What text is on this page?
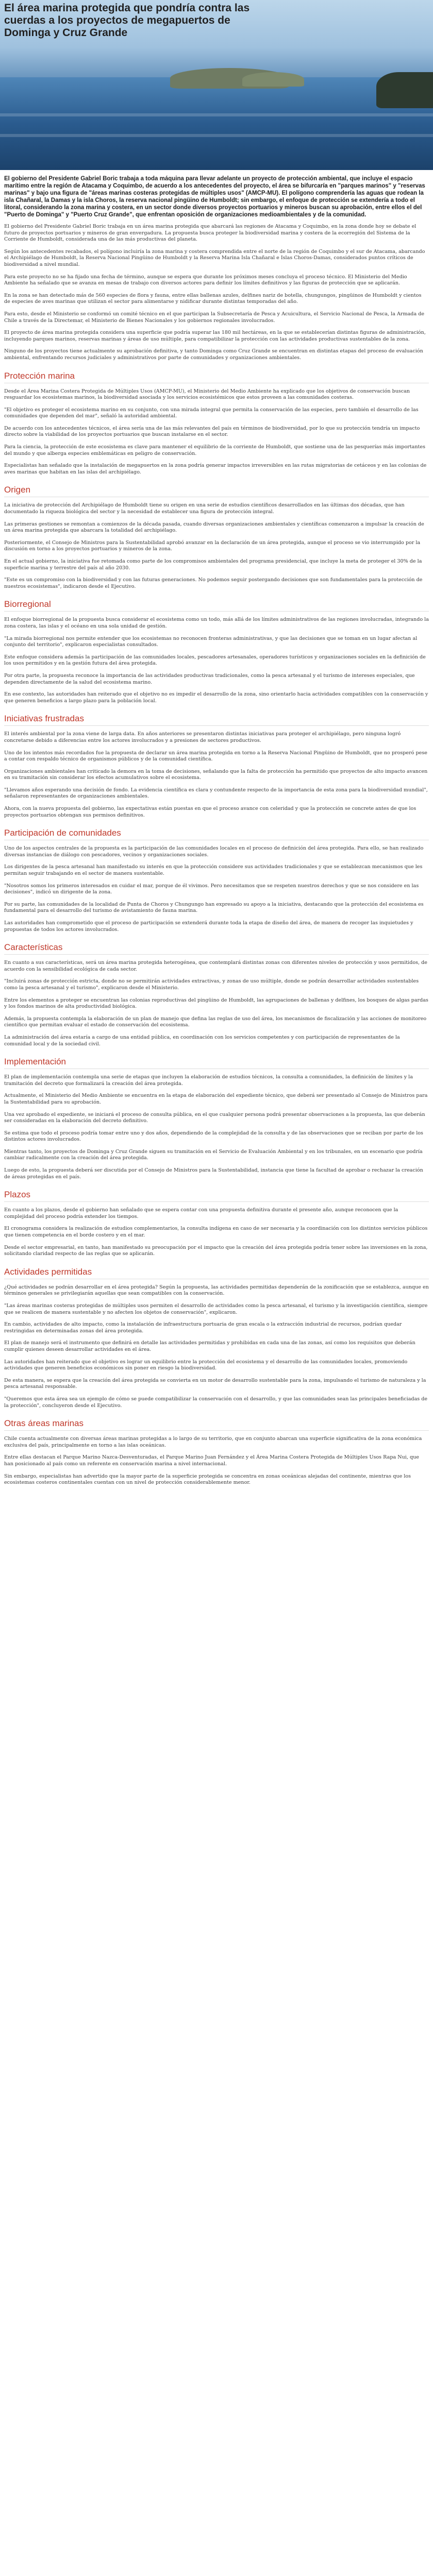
El área marina protegida que pondría contra las cuerdas a los proyectos de megapuertos de Dominga y Cruz Grande

El gobierno del Presidente Gabriel Boric trabaja a toda máquina para llevar adelante un proyecto de protección ambiental, que incluye el espacio marítimo entre la región de Atacama y Coquimbo, de acuerdo a los antecedentes del proyecto, el área se bifurcaría en "parques marinos" y "reservas marinas" y bajo una figura de "áreas marinas costeras protegidas de múltiples usos" (AMCP-MU). El polígono comprendería las aguas que rodean la isla Chañaral, la Damas y la isla Choros, la reserva nacional pingüino de Humboldt; sin embargo, el enfoque de protección se extendería a todo el litoral, considerando la zona marina y costera, en un sector donde diversos proyectos portuarios y mineros buscan su aprobación, entre ellos el del "Puerto de Dominga" y "Puerto Cruz Grande", que enfrentan oposición de organizaciones medioambientales y de la comunidad.

El gobierno del Presidente Gabriel Boric trabaja en un área marina protegida que abarcará las regiones de Atacama y Coquimbo, en la zona donde hoy se debate el futuro de proyectos portuarios y mineros de gran envergadura. La propuesta busca proteger la biodiversidad marina y costera de la ecorregión del Sistema de la Corriente de Humboldt, considerada una de las más productivas del planeta.

Según los antecedentes recabados, el polígono incluiría la zona marina y costera comprendida entre el norte de la región de Coquimbo y el sur de Atacama, abarcando el Archipiélago de Humboldt, la Reserva Nacional Pingüino de Humboldt y la Reserva Marina Isla Chañaral e Islas Choros-Damas, considerados puntos críticos de biodiversidad a nivel mundial.

Para este proyecto no se ha fijado una fecha de término, aunque se espera que durante los próximos meses concluya el proceso técnico. El Ministerio del Medio Ambiente ha señalado que se avanza en mesas de trabajo con diversos actores para definir los límites definitivos y las figuras de protección que se aplicarán.

En la zona se han detectado más de 560 especies de flora y fauna, entre ellas ballenas azules, delfines nariz de botella, chungungos, pingüinos de Humboldt y cientos de especies de aves marinas que utilizan el sector para alimentarse y nidificar durante distintas temporadas del año.

Para esto, desde el Ministerio se conformó un comité técnico en el que participan la Subsecretaría de Pesca y Acuicultura, el Servicio Nacional de Pesca, la Armada de Chile a través de la Directemar, el Ministerio de Bienes Nacionales y los gobiernos regionales involucrados.

El proyecto de área marina protegida considera una superficie que podría superar las 180 mil hectáreas, en la que se establecerían distintas figuras de administración, incluyendo parques marinos, reservas marinas y áreas de uso múltiple, para compatibilizar la protección con las actividades productivas sustentables de la zona.

Ninguno de los proyectos tiene actualmente su aprobación definitiva, y tanto Dominga como Cruz Grande se encuentran en distintas etapas del proceso de evaluación ambiental, enfrentando recursos judiciales y administrativos por parte de comunidades y organizaciones ambientales.

Protección marina

Desde el Área Marina Costera Protegida de Múltiples Usos (AMCP-MU), el Ministerio del Medio Ambiente ha explicado que los objetivos de conservación buscan resguardar los ecosistemas marinos, la biodiversidad asociada y los servicios ecosistémicos que estos proveen a las comunidades costeras.

"El objetivo es proteger el ecosistema marino en su conjunto, con una mirada integral que permita la conservación de las especies, pero también el desarrollo de las comunidades que dependen del mar", señaló la autoridad ambiental.

De acuerdo con los antecedentes técnicos, el área sería una de las más relevantes del país en términos de biodiversidad, por lo que su protección tendría un impacto directo sobre la viabilidad de los proyectos portuarios que buscan instalarse en el sector.

Para la ciencia, la protección de este ecosistema es clave para mantener el equilibrio de la corriente de Humboldt, que sostiene una de las pesquerías más importantes del mundo y que alberga especies emblemáticas en peligro de conservación.

Especialistas han señalado que la instalación de megapuertos en la zona podría generar impactos irreversibles en las rutas migratorias de cetáceos y en las colonias de aves marinas que habitan en las islas del archipiélago.

Origen

La iniciativa de protección del Archipiélago de Humboldt tiene su origen en una serie de estudios científicos desarrollados en las últimas dos décadas, que han documentado la riqueza biológica del sector y la necesidad de establecer una figura de protección integral.

Las primeras gestiones se remontan a comienzos de la década pasada, cuando diversas organizaciones ambientales y científicas comenzaron a impulsar la creación de un área marina protegida que abarcara la totalidad del archipiélago.

Posteriormente, el Consejo de Ministros para la Sustentabilidad aprobó avanzar en la declaración de un área protegida, aunque el proceso se vio interrumpido por la discusión en torno a los proyectos portuarios y mineros de la zona.

En el actual gobierno, la iniciativa fue retomada como parte de los compromisos ambientales del programa presidencial, que incluye la meta de proteger el 30% de la superficie marina y terrestre del país al año 2030.

"Este es un compromiso con la biodiversidad y con las futuras generaciones. No podemos seguir postergando decisiones que son fundamentales para la protección de nuestros ecosistemas", indicaron desde el Ejecutivo.

Biorregional

El enfoque biorregional de la propuesta busca considerar el ecosistema como un todo, más allá de los límites administrativos de las regiones involucradas, integrando la zona costera, las islas y el océano en una sola unidad de gestión.

"La mirada biorregional nos permite entender que los ecosistemas no reconocen fronteras administrativas, y que las decisiones que se toman en un lugar afectan al conjunto del territorio", explicaron especialistas consultados.

Este enfoque considera además la participación de las comunidades locales, pescadores artesanales, operadores turísticos y organizaciones sociales en la definición de los usos permitidos y en la gestión futura del área protegida.

Por otra parte, la propuesta reconoce la importancia de las actividades productivas tradicionales, como la pesca artesanal y el turismo de intereses especiales, que dependen directamente de la salud del ecosistema marino.

En ese contexto, las autoridades han reiterado que el objetivo no es impedir el desarrollo de la zona, sino orientarlo hacia actividades compatibles con la conservación y que generen beneficios a largo plazo para la población local.

Iniciativas frustradas

El interés ambiental por la zona viene de larga data. En años anteriores se presentaron distintas iniciativas para proteger el archipiélago, pero ninguna logró concretarse debido a diferencias entre los actores involucrados y a presiones de sectores productivos.

Uno de los intentos más recordados fue la propuesta de declarar un área marina protegida en torno a la Reserva Nacional Pingüino de Humboldt, que no prosperó pese a contar con respaldo técnico de organismos públicos y de la comunidad científica.

Organizaciones ambientales han criticado la demora en la toma de decisiones, señalando que la falta de protección ha permitido que proyectos de alto impacto avancen en su tramitación sin considerar los efectos acumulativos sobre el ecosistema.

"Llevamos años esperando una decisión de fondo. La evidencia científica es clara y contundente respecto de la importancia de esta zona para la biodiversidad mundial", señalaron representantes de organizaciones ambientales.

Ahora, con la nueva propuesta del gobierno, las expectativas están puestas en que el proceso avance con celeridad y que la protección se concrete antes de que los proyectos portuarios obtengan sus permisos definitivos.

Participación de comunidades

Uno de los aspectos centrales de la propuesta es la participación de las comunidades locales en el proceso de definición del área protegida. Para ello, se han realizado diversas instancias de diálogo con pescadores, vecinos y organizaciones sociales.

Los dirigentes de la pesca artesanal han manifestado su interés en que la protección considere sus actividades tradicionales y que se establezcan mecanismos que les permitan seguir trabajando en el sector de manera sustentable.

"Nosotros somos los primeros interesados en cuidar el mar, porque de él vivimos. Pero necesitamos que se respeten nuestros derechos y que se nos considere en las decisiones", indicó un dirigente de la zona.

Por su parte, las comunidades de la localidad de Punta de Choros y Chungungo han expresado su apoyo a la iniciativa, destacando que la protección del ecosistema es fundamental para el desarrollo del turismo de avistamiento de fauna marina.

Las autoridades han comprometido que el proceso de participación se extenderá durante toda la etapa de diseño del área, de manera de recoger las inquietudes y propuestas de todos los actores involucrados.

Características

En cuanto a sus características, será un área marina protegida heterogénea, que contemplará distintas zonas con diferentes niveles de protección y usos permitidos, de acuerdo con la sensibilidad ecológica de cada sector.

"Incluirá zonas de protección estricta, donde no se permitirán actividades extractivas, y zonas de uso múltiple, donde se podrán desarrollar actividades sustentables como la pesca artesanal y el turismo", explicaron desde el Ministerio.

Entre los elementos a proteger se encuentran las colonias reproductivas del pingüino de Humboldt, las agrupaciones de ballenas y delfines, los bosques de algas pardas y los fondos marinos de alta productividad biológica.

Además, la propuesta contempla la elaboración de un plan de manejo que defina las reglas de uso del área, los mecanismos de fiscalización y las acciones de monitoreo científico que permitan evaluar el estado de conservación del ecosistema.

La administración del área estaría a cargo de una entidad pública, en coordinación con los servicios competentes y con participación de representantes de la comunidad local y de la sociedad civil.

Implementación

El plan de implementación contempla una serie de etapas que incluyen la elaboración de estudios técnicos, la consulta a comunidades, la definición de límites y la tramitación del decreto que formalizará la creación del área protegida.

Actualmente, el Ministerio del Medio Ambiente se encuentra en la etapa de elaboración del expediente técnico, que deberá ser presentado al Consejo de Ministros para la Sustentabilidad para su aprobación.

Una vez aprobado el expediente, se iniciará el proceso de consulta pública, en el que cualquier persona podrá presentar observaciones a la propuesta, las que deberán ser consideradas en la elaboración del decreto definitivo.

Se estima que todo el proceso podría tomar entre uno y dos años, dependiendo de la complejidad de la consulta y de las observaciones que se reciban por parte de los distintos actores involucrados.

Mientras tanto, los proyectos de Dominga y Cruz Grande siguen su tramitación en el Servicio de Evaluación Ambiental y en los tribunales, en un escenario que podría cambiar radicalmente con la creación del área protegida.

Luego de esto, la propuesta deberá ser discutida por el Consejo de Ministros para la Sustentabilidad, instancia que tiene la facultad de aprobar o rechazar la creación de áreas protegidas en el país.

Plazos

En cuanto a los plazos, desde el gobierno han señalado que se espera contar con una propuesta definitiva durante el presente año, aunque reconocen que la complejidad del proceso podría extender los tiempos.

El cronograma considera la realización de estudios complementarios, la consulta indígena en caso de ser necesaria y la coordinación con los distintos servicios públicos que tienen competencia en el borde costero y en el mar.

Desde el sector empresarial, en tanto, han manifestado su preocupación por el impacto que la creación del área protegida podría tener sobre las inversiones en la zona, solicitando claridad respecto de las reglas que se aplicarán.

Actividades permitidas

¿Qué actividades se podrán desarrollar en el área protegida? Según la propuesta, las actividades permitidas dependerán de la zonificación que se establezca, aunque en términos generales se privilegiarán aquellas que sean compatibles con la conservación.

"Las áreas marinas costeras protegidas de múltiples usos permiten el desarrollo de actividades como la pesca artesanal, el turismo y la investigación científica, siempre que se realicen de manera sustentable y no afecten los objetos de conservación", explicaron.

En cambio, actividades de alto impacto, como la instalación de infraestructura portuaria de gran escala o la extracción industrial de recursos, podrían quedar restringidas en determinadas zonas del área protegida.

El plan de manejo será el instrumento que definirá en detalle las actividades permitidas y prohibidas en cada una de las zonas, así como los requisitos que deberán cumplir quienes deseen desarrollar actividades en el área.

Las autoridades han reiterado que el objetivo es lograr un equilibrio entre la protección del ecosistema y el desarrollo de las comunidades locales, promoviendo actividades que generen beneficios económicos sin poner en riesgo la biodiversidad.

De esta manera, se espera que la creación del área protegida se convierta en un motor de desarrollo sustentable para la zona, impulsando el turismo de naturaleza y la pesca artesanal responsable.

"Queremos que esta área sea un ejemplo de cómo se puede compatibilizar la conservación con el desarrollo, y que las comunidades sean las principales beneficiadas de la protección", concluyeron desde el Ejecutivo.

Otras áreas marinas

Chile cuenta actualmente con diversas áreas marinas protegidas a lo largo de su territorio, que en conjunto abarcan una superficie significativa de la zona económica exclusiva del país, principalmente en torno a las islas oceánicas.

Entre ellas destacan el Parque Marino Nazca-Desventuradas, el Parque Marino Juan Fernández y el Área Marina Costera Protegida de Múltiples Usos Rapa Nui, que han posicionado al país como un referente en conservación marina a nivel internacional.

Sin embargo, especialistas han advertido que la mayor parte de la superficie protegida se concentra en zonas oceánicas alejadas del continente, mientras que los ecosistemas costeros continentales cuentan con un nivel de protección considerablemente menor.
